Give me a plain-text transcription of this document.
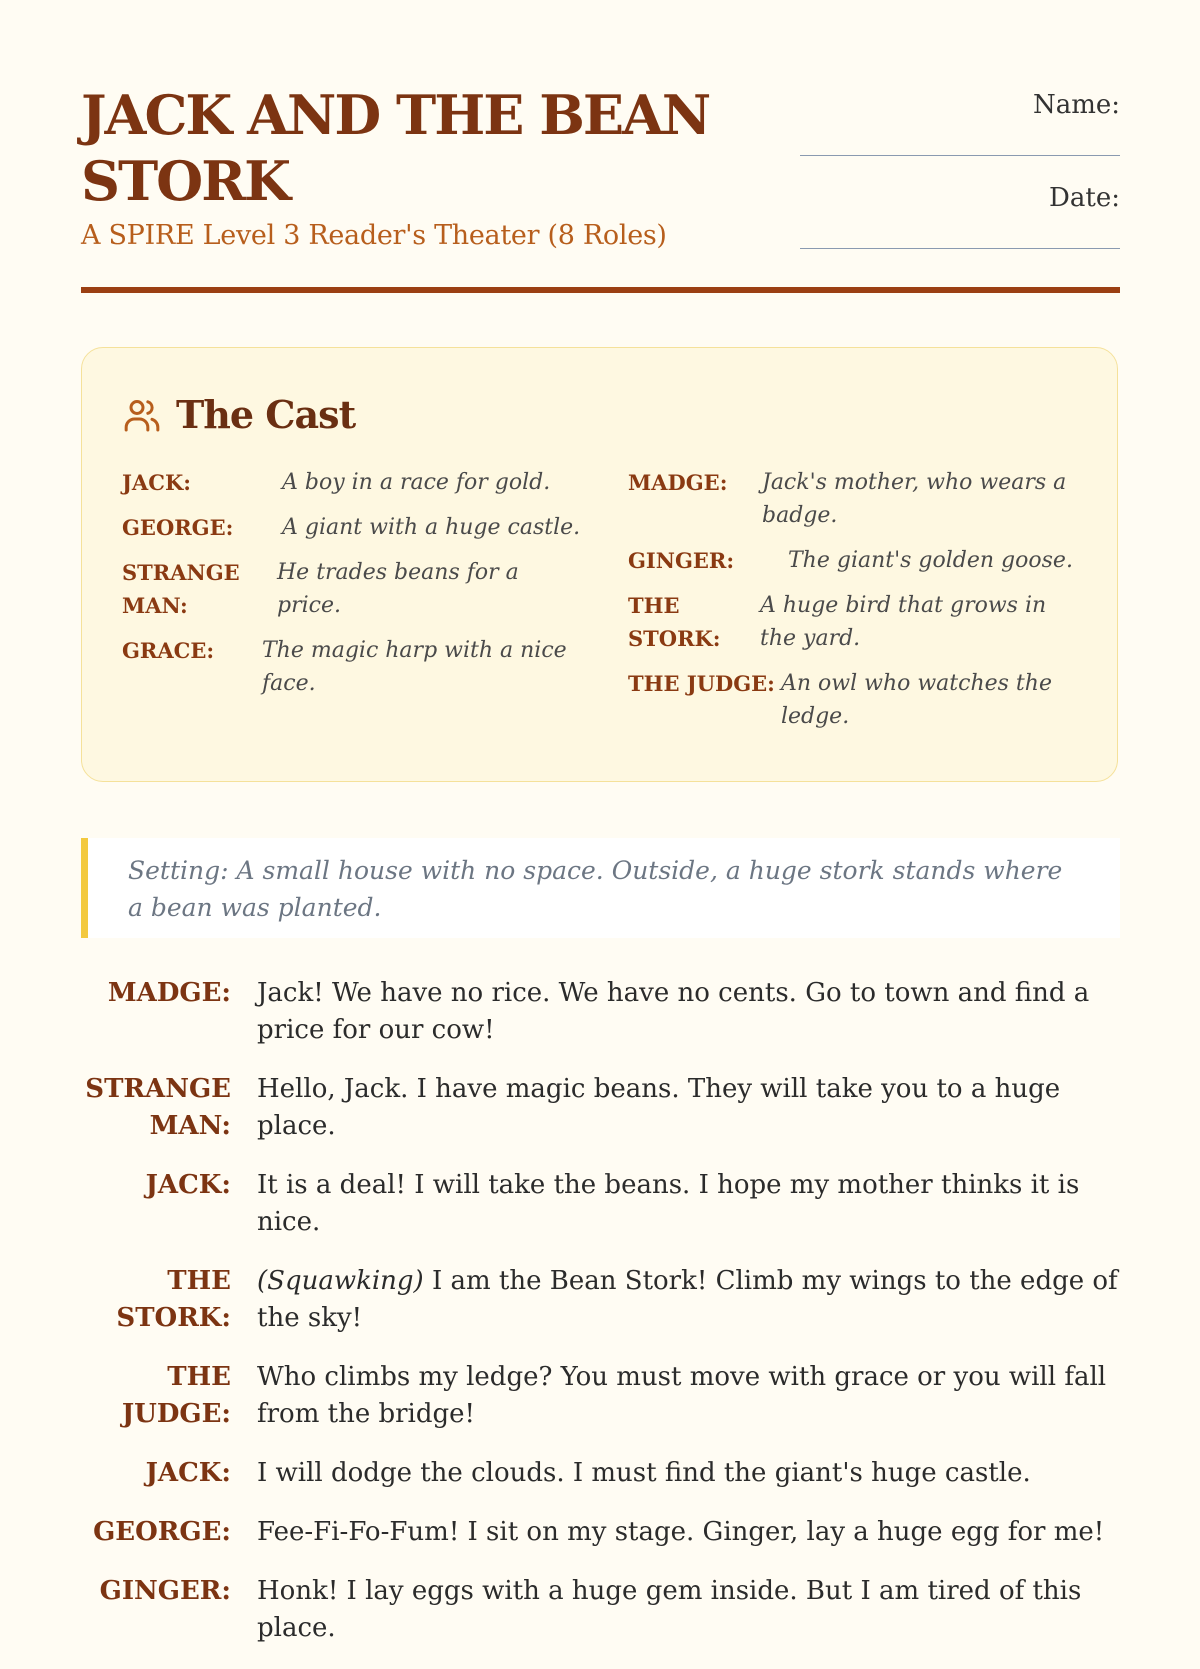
JACK AND THE BEAN STORK
A SPIRE Level 3 Reader's Theater (8 Roles)
Name:
Date:
The Cast
JACK:	A boy in a race for gold.
GEORGE:	A giant with a huge castle.
STRANGE MAN:
He trades beans for a price.
GRACE:	The magic harp with a nice face.
MADGE:	Jack's mother, who wears a badge.
GINGER:	The giant's golden goose.
THE STORK:
A huge bird that grows in the yard.
THE JUDGE: An owl who watches the ledge.
Setting: A small house with no space. Outside, a huge stork stands where a bean was planted.
MADGE: Jack! We have no rice. We have no cents. Go to town and find a price for our cow!
STRANGE MAN:
Hello, Jack. I have magic beans. They will take you to a huge place.
JACK: It is a deal! I will take the beans. I hope my mother thinks it is nice.
THE STORK:
(Squawking) I am the Bean Stork! Climb my wings to the edge of the sky!
THE JUDGE:
Who climbs my ledge? You must move with grace or you will fall from the bridge!
JACK: I will dodge the clouds. I must find the giant's huge castle.
GEORGE: Fee-Fi-Fo-Fum! I sit on my stage. Ginger, lay a huge egg for me!
GINGER: Honk! I lay eggs with a huge gem inside. But I am tired of this place.
